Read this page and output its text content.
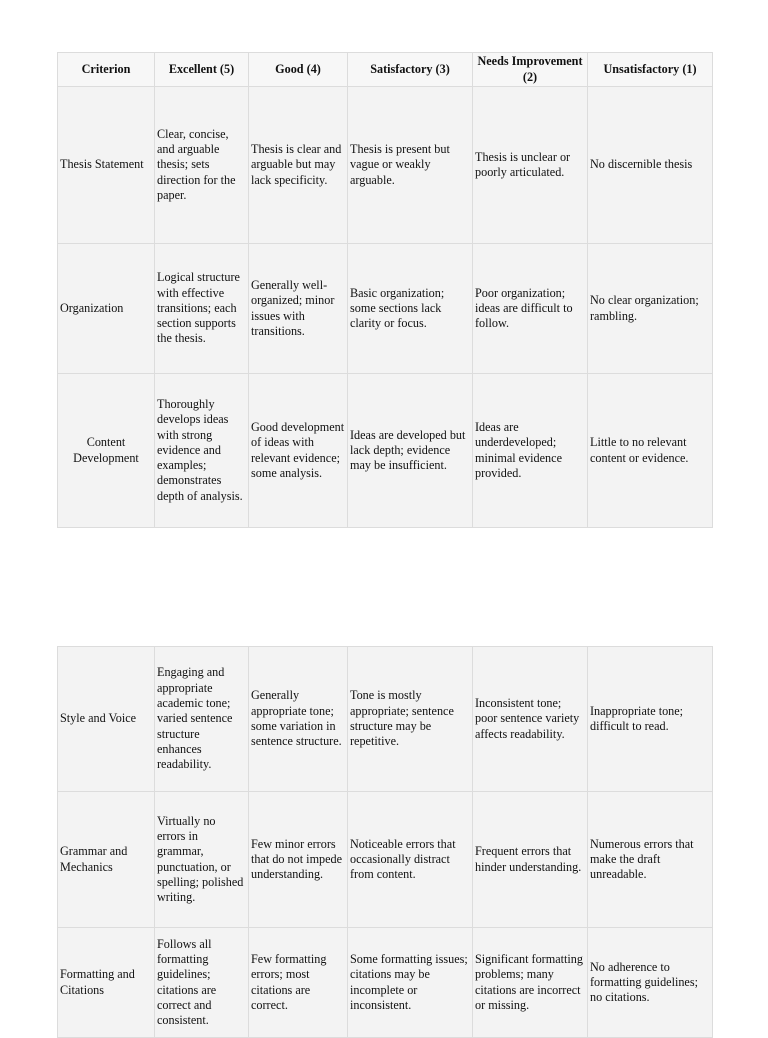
Criterion	Excellent (5)	Good (4)	Satisfactory (3)	Needs Improvement (2)	Unsatisfactory (1)
Thesis Statement	Clear, concise, and arguable thesis; sets direction for the paper.	Thesis is clear and arguable but may lack specificity.	Thesis is present but vague or weakly arguable.	Thesis is unclear or poorly articulated.	No discernible thesis
Organization	Logical structure with effective transitions; each section supports the thesis.	Generally well-organized; minor issues with transitions.	Basic organization; some sections lack clarity or focus.	Poor organization; ideas are difficult to follow.	No clear organization; rambling.
Content Development	Thoroughly develops ideas with strong evidence and examples; demonstrates depth of analysis.	Good development of ideas with relevant evidence; some analysis.	Ideas are developed but lack depth; evidence may be insufficient.	Ideas are underdeveloped; minimal evidence provided.	Little to no relevant content or evidence.
Style and Voice	Engaging and appropriate academic tone; varied sentence structure enhances readability.	Generally appropriate tone; some variation in sentence structure.	Tone is mostly appropriate; sentence structure may be repetitive.	Inconsistent tone; poor sentence variety affects readability.	Inappropriate tone; difficult to read.
Grammar and Mechanics	Virtually no errors in grammar, punctuation, or spelling; polished writing.	Few minor errors that do not impede understanding.	Noticeable errors that occasionally distract from content.	Frequent errors that hinder understanding.	Numerous errors that make the draft unreadable.
Formatting and Citations	Follows all formatting guidelines; citations are correct and consistent.	Few formatting errors; most citations are correct.	Some formatting issues; citations may be incomplete or inconsistent.	Significant formatting problems; many citations are incorrect or missing.	No adherence to formatting guidelines; no citations.
